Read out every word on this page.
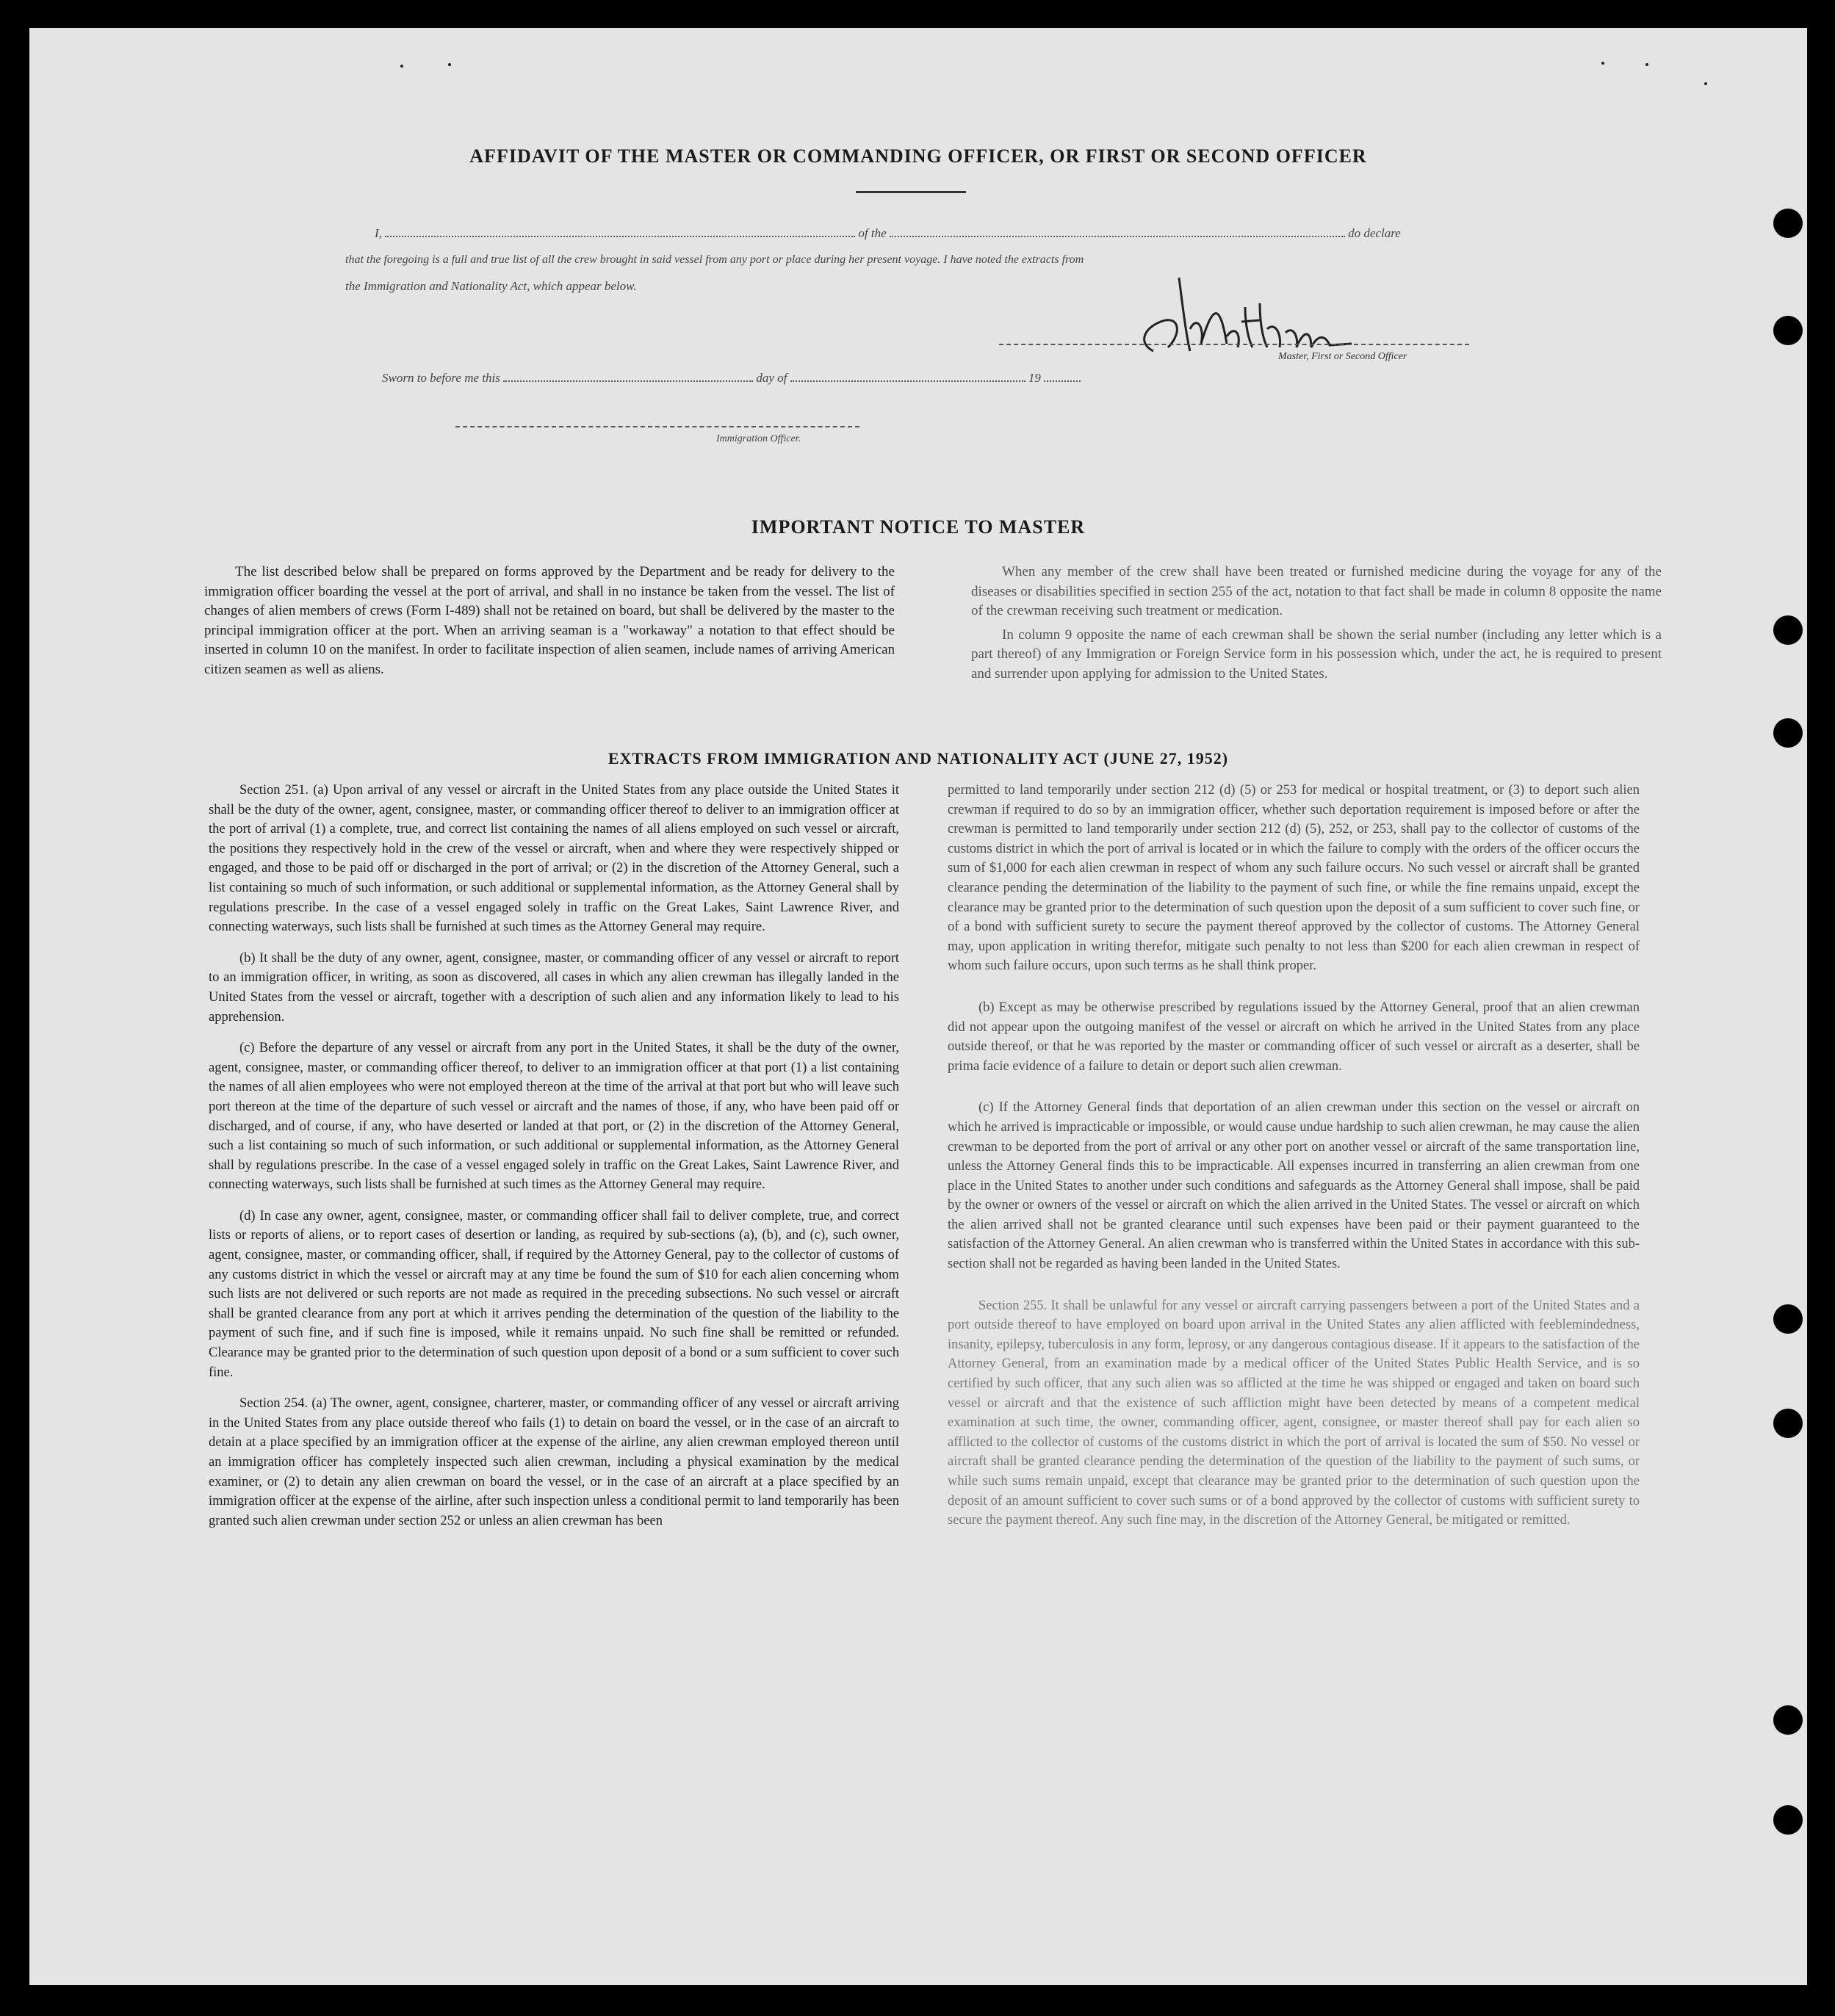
AFFIDAVIT OF THE MASTER OR COMMANDING OFFICER, OR FIRST OR SECOND OFFICER
I,	of the	do declare
that the foregoing is a full and true list of all the crew brought in said vessel from any port or place during her present voyage. I have noted the extracts from
the Immigration and Nationality Act, which appear below.
Master, First or Second Officer
Sworn to before me this	day of	19
Immigration Officer.
IMPORTANT NOTICE TO MASTER

The list described below shall be prepared on forms approved by the Department and be ready for delivery to the immigration officer boarding the vessel at the port of arrival, and shall in no instance be taken from the vessel. The list of changes of alien members of crews (Form I-489) shall not be retained on board, but shall be delivered by the master to the principal immigration officer at the port. When an arriving seaman is a "workaway" a notation to that effect should be inserted in column 10 on the manifest. In order to facilitate inspection of alien seamen, include names of arriving American citizen seamen as well as aliens.

When any member of the crew shall have been treated or furnished medicine during the voyage for any of the diseases or disabilities specified in section 255 of the act, notation to that fact shall be made in column 8 opposite the name of the crewman receiving such treatment or medication.

In column 9 opposite the name of each crewman shall be shown the serial number (including any letter which is a part thereof) of any Immigration or Foreign Service form in his possession which, under the act, he is required to present and surrender upon applying for admission to the United States.

EXTRACTS FROM IMMIGRATION AND NATIONALITY ACT (JUNE 27, 1952)

Section 251. (a) Upon arrival of any vessel or aircraft in the United States from any place outside the United States it shall be the duty of the owner, agent, consignee, master, or commanding officer thereof to deliver to an immigration officer at the port of arrival (1) a complete, true, and correct list containing the names of all aliens employed on such vessel or aircraft, the positions they respectively hold in the crew of the vessel or aircraft, when and where they were respectively shipped or engaged, and those to be paid off or discharged in the port of arrival; or (2) in the discretion of the Attorney General, such a list containing so much of such information, or such additional or supplemental information, as the Attorney General shall by regulations prescribe. In the case of a vessel engaged solely in traffic on the Great Lakes, Saint Lawrence River, and connecting waterways, such lists shall be furnished at such times as the Attorney General may require.

(b) It shall be the duty of any owner, agent, consignee, master, or commanding officer of any vessel or aircraft to report to an immigration officer, in writing, as soon as discovered, all cases in which any alien crewman has illegally landed in the United States from the vessel or aircraft, together with a description of such alien and any information likely to lead to his apprehension.

(c) Before the departure of any vessel or aircraft from any port in the United States, it shall be the duty of the owner, agent, consignee, master, or commanding officer thereof, to deliver to an immigration officer at that port (1) a list containing the names of all alien employees who were not employed thereon at the time of the arrival at that port but who will leave such port thereon at the time of the departure of such vessel or aircraft and the names of those, if any, who have been paid off or discharged, and of course, if any, who have deserted or landed at that port, or (2) in the discretion of the Attorney General, such a list containing so much of such information, or such additional or supplemental information, as the Attorney General shall by regulations prescribe. In the case of a vessel engaged solely in traffic on the Great Lakes, Saint Lawrence River, and connecting waterways, such lists shall be furnished at such times as the Attorney General may require.

(d) In case any owner, agent, consignee, master, or commanding officer shall fail to deliver complete, true, and correct lists or reports of aliens, or to report cases of desertion or landing, as required by sub-sections (a), (b), and (c), such owner, agent, consignee, master, or commanding officer, shall, if required by the Attorney General, pay to the collector of customs of any customs district in which the vessel or aircraft may at any time be found the sum of $10 for each alien concerning whom such lists are not delivered or such reports are not made as required in the preceding subsections. No such vessel or aircraft shall be granted clearance from any port at which it arrives pending the determination of the question of the liability to the payment of such fine, and if such fine is imposed, while it remains unpaid. No such fine shall be remitted or refunded. Clearance may be granted prior to the determination of such question upon deposit of a bond or a sum sufficient to cover such fine.

Section 254. (a) The owner, agent, consignee, charterer, master, or commanding officer of any vessel or aircraft arriving in the United States from any place outside thereof who fails (1) to detain on board the vessel, or in the case of an aircraft to detain at a place specified by an immigration officer at the expense of the airline, any alien crewman employed thereon until an immigration officer has completely inspected such alien crewman, including a physical examination by the medical examiner, or (2) to detain any alien crewman on board the vessel, or in the case of an aircraft at a place specified by an immigration officer at the expense of the airline, after such inspection unless a conditional permit to land temporarily has been granted such alien crewman under section 252 or unless an alien crewman has been

permitted to land temporarily under section 212 (d) (5) or 253 for medical or hospital treatment, or (3) to deport such alien crewman if required to do so by an immigration officer, whether such deportation requirement is imposed before or after the crewman is permitted to land temporarily under section 212 (d) (5), 252, or 253, shall pay to the collector of customs of the customs district in which the port of arrival is located or in which the failure to comply with the orders of the officer occurs the sum of $1,000 for each alien crewman in respect of whom any such failure occurs. No such vessel or aircraft shall be granted clearance pending the determination of the liability to the payment of such fine, or while the fine remains unpaid, except the clearance may be granted prior to the determination of such question upon the deposit of a sum sufficient to cover such fine, or of a bond with sufficient surety to secure the payment thereof approved by the collector of customs. The Attorney General may, upon application in writing therefor, mitigate such penalty to not less than $200 for each alien crewman in respect of whom such failure occurs, upon such terms as he shall think proper.

(b) Except as may be otherwise prescribed by regulations issued by the Attorney General, proof that an alien crewman did not appear upon the outgoing manifest of the vessel or aircraft on which he arrived in the United States from any place outside thereof, or that he was reported by the master or commanding officer of such vessel or aircraft as a deserter, shall be prima facie evidence of a failure to detain or deport such alien crewman.

(c) If the Attorney General finds that deportation of an alien crewman under this section on the vessel or aircraft on which he arrived is impracticable or impossible, or would cause undue hardship to such alien crewman, he may cause the alien crewman to be deported from the port of arrival or any other port on another vessel or aircraft of the same transportation line, unless the Attorney General finds this to be impracticable. All expenses incurred in transferring an alien crewman from one place in the United States to another under such conditions and safeguards as the Attorney General shall impose, shall be paid by the owner or owners of the vessel or aircraft on which the alien arrived in the United States. The vessel or aircraft on which the alien arrived shall not be granted clearance until such expenses have been paid or their payment guaranteed to the satisfaction of the Attorney General. An alien crewman who is transferred within the United States in accordance with this sub-section shall not be regarded as having been landed in the United States.

Section 255. It shall be unlawful for any vessel or aircraft carrying passengers between a port of the United States and a port outside thereof to have employed on board upon arrival in the United States any alien afflicted with feeblemindedness, insanity, epilepsy, tuberculosis in any form, leprosy, or any dangerous contagious disease. If it appears to the satisfaction of the Attorney General, from an examination made by a medical officer of the United States Public Health Service, and is so certified by such officer, that any such alien was so afflicted at the time he was shipped or engaged and taken on board such vessel or aircraft and that the existence of such affliction might have been detected by means of a competent medical examination at such time, the owner, commanding officer, agent, consignee, or master thereof shall pay for each alien so afflicted to the collector of customs of the customs district in which the port of arrival is located the sum of $50. No vessel or aircraft shall be granted clearance pending the determination of the question of the liability to the payment of such sums, or while such sums remain unpaid, except that clearance may be granted prior to the determination of such question upon the deposit of an amount sufficient to cover such sums or of a bond approved by the collector of customs with sufficient surety to secure the payment thereof. Any such fine may, in the discretion of the Attorney General, be mitigated or remitted.
